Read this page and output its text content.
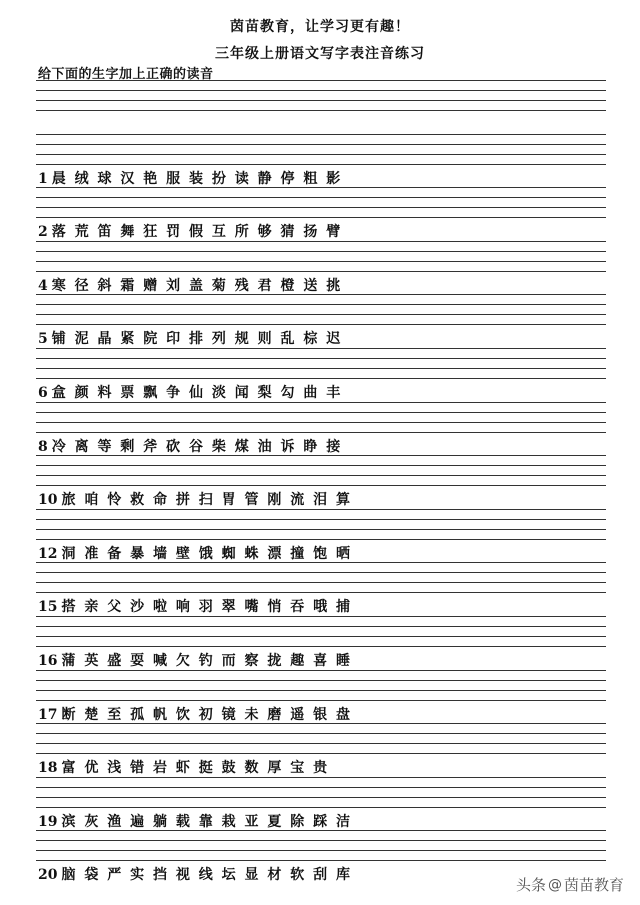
茵苗教育，让学习更有趣！
三年级上册语文写字表注音练习
给下面的生字加上正确的读音
1 晨 绒 球 汉 艳 服 装 扮 读 静 停 粗 影
2 落 荒 笛 舞 狂 罚 假 互 所 够 猜 扬 臂
4 寒 径 斜 霜 赠 刘 盖 菊 残 君 橙 送 挑
5 铺 泥 晶 紧 院 印 排 列 规 则 乱 棕 迟
6 盒 颜 料 票 飘 争 仙 淡 闻 梨 勾 曲 丰
8 冷 离 等 剩 斧 砍 谷 柴 煤 油 诉 睁 接
10 旅 咱 怜 救 命 拼 扫 胃 管 刚 流 泪 算
12 洞 准 备 暴 墙 壁 饿 蜘 蛛 漂 撞 饱 晒
15 搭 亲 父 沙 啦 响 羽 翠 嘴 悄 吞 哦 捕
16 蒲 英 盛 耍 喊 欠 钓 而 察 拢 趣 喜 睡
17 断 楚 至 孤 帆 饮 初 镜 未 磨 遥 银 盘
18 富 优 浅 错 岩 虾 挺 鼓 数 厚 宝 贵
19 滨 灰 渔 遍 躺 载 靠 栽 亚 夏 除 踩 洁
20 脑 袋 严 实 挡 视 线 坛 显 材 软 刮 库
头条 @ 茵苗教育
